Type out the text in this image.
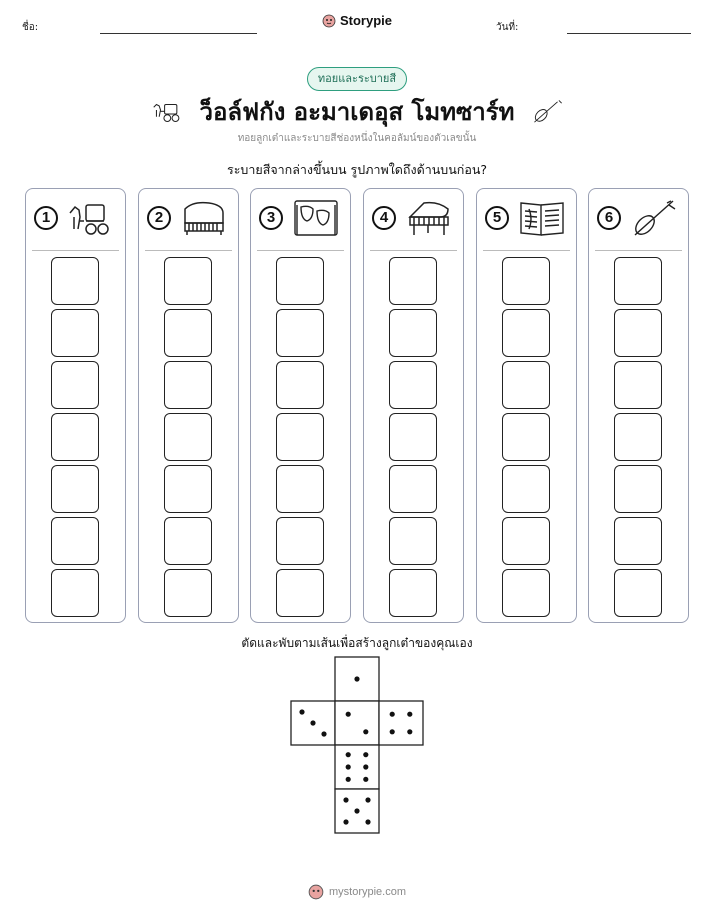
ชื่อ:	Storypie	วันที่:
ทอยและระบายสี
ว็อล์ฟกัง อะมาเดอุส โมทซาร์ท
ทอยลูกเต๋าและระบายสีช่องหนึ่งในคอลัมน์ของตัวเลขนั้น
ระบายสีจากล่างขึ้นบน รูปภาพใดถึงด้านบนก่อน?
1	2	3	4	5	6
ตัดและพับตามเส้นเพื่อสร้างลูกเต๋าของคุณเอง
mystorypie.com
